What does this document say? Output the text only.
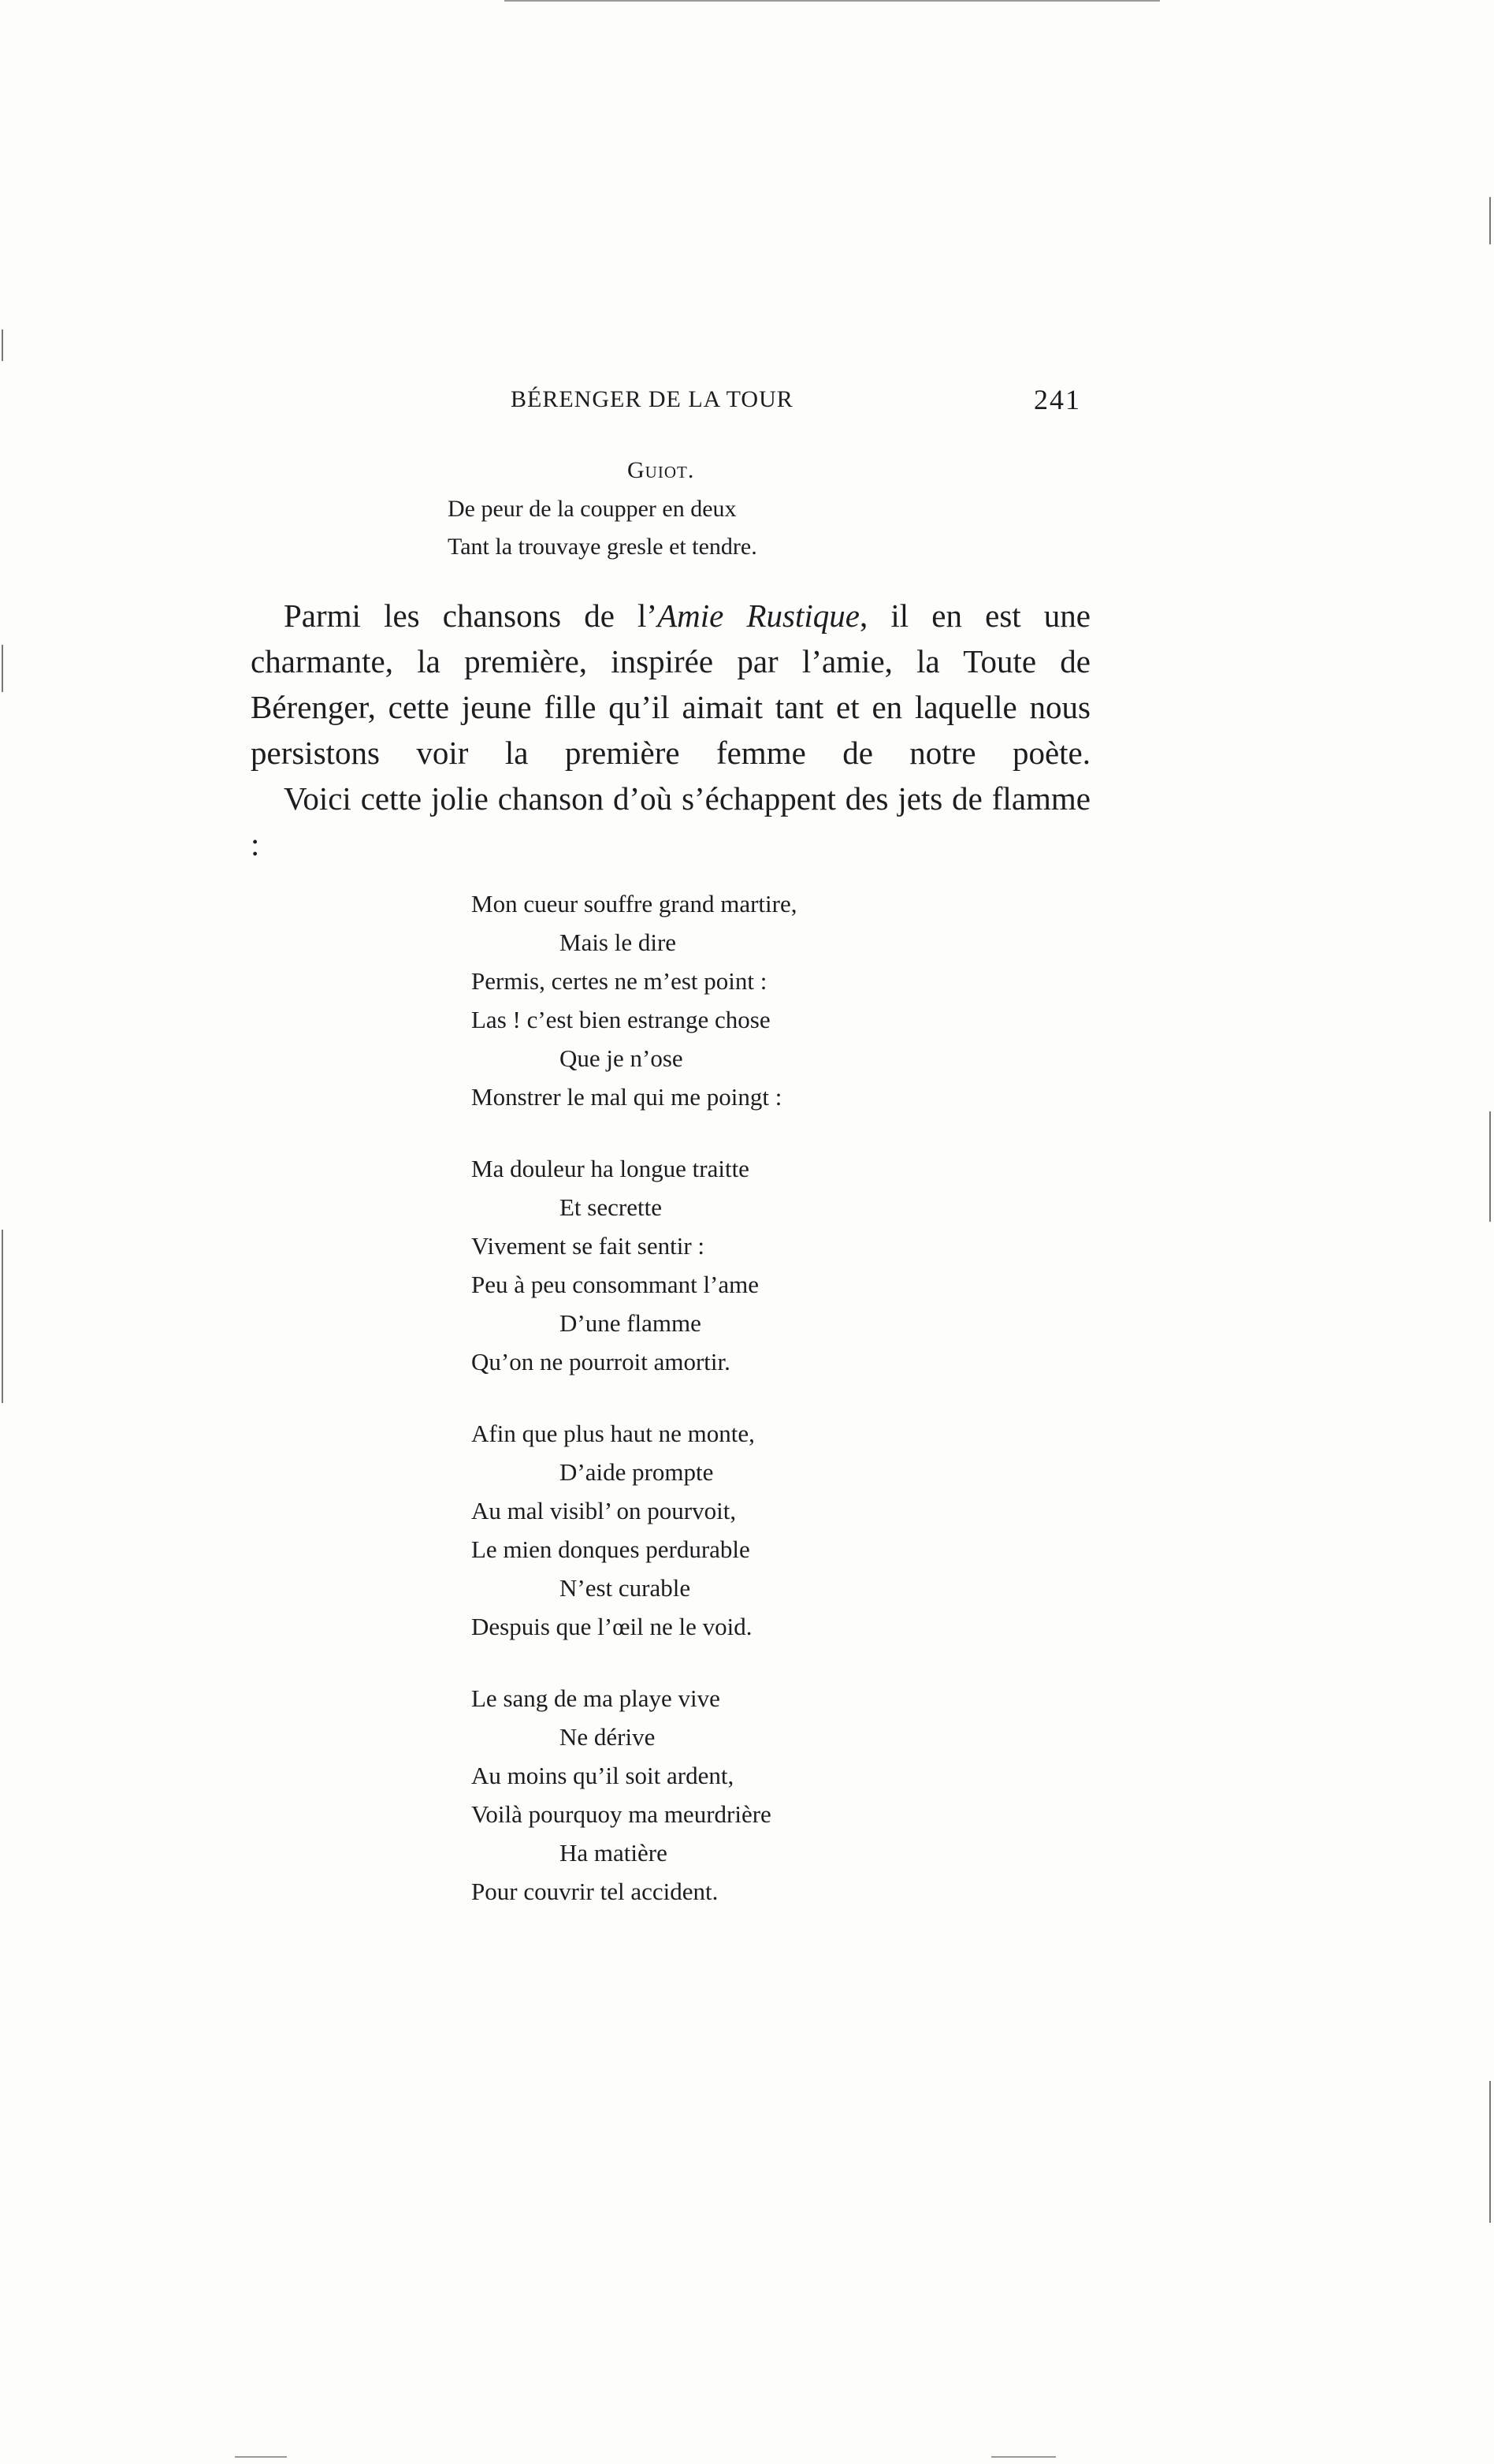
BÉRENGER DE LA TOUR	241
Guiot.
De peur de la coupper en deux
Tant la trouvaye gresle et tendre.

Parmi les chansons de l’Amie Rustique, il en est une charmante, la première, inspirée par l’amie, la Toute de Bérenger, cette jeune fille qu’il aimait tant et en laquelle nous persistons voir la première femme de notre poète.

Voici cette jolie chanson d’où s’échappent des jets de flamme :

Mon cueur souffre grand martire,
Mais le dire
Permis, certes ne m’est point :
Las ! c’est bien estrange chose
Que je n’ose
Monstrer le mal qui me poingt :
Ma douleur ha longue traitte
Et secrette
Vivement se fait sentir :
Peu à peu consommant l’ame
D’une flamme
Qu’on ne pourroit amortir.
Afin que plus haut ne monte,
D’aide prompte
Au mal visibl’ on pourvoit,
Le mien donques perdurable
N’est curable
Despuis que l’œil ne le void.
Le sang de ma playe vive
Ne dérive
Au moins qu’il soit ardent,
Voilà pourquoy ma meurdrière
Ha matière
Pour couvrir tel accident.
